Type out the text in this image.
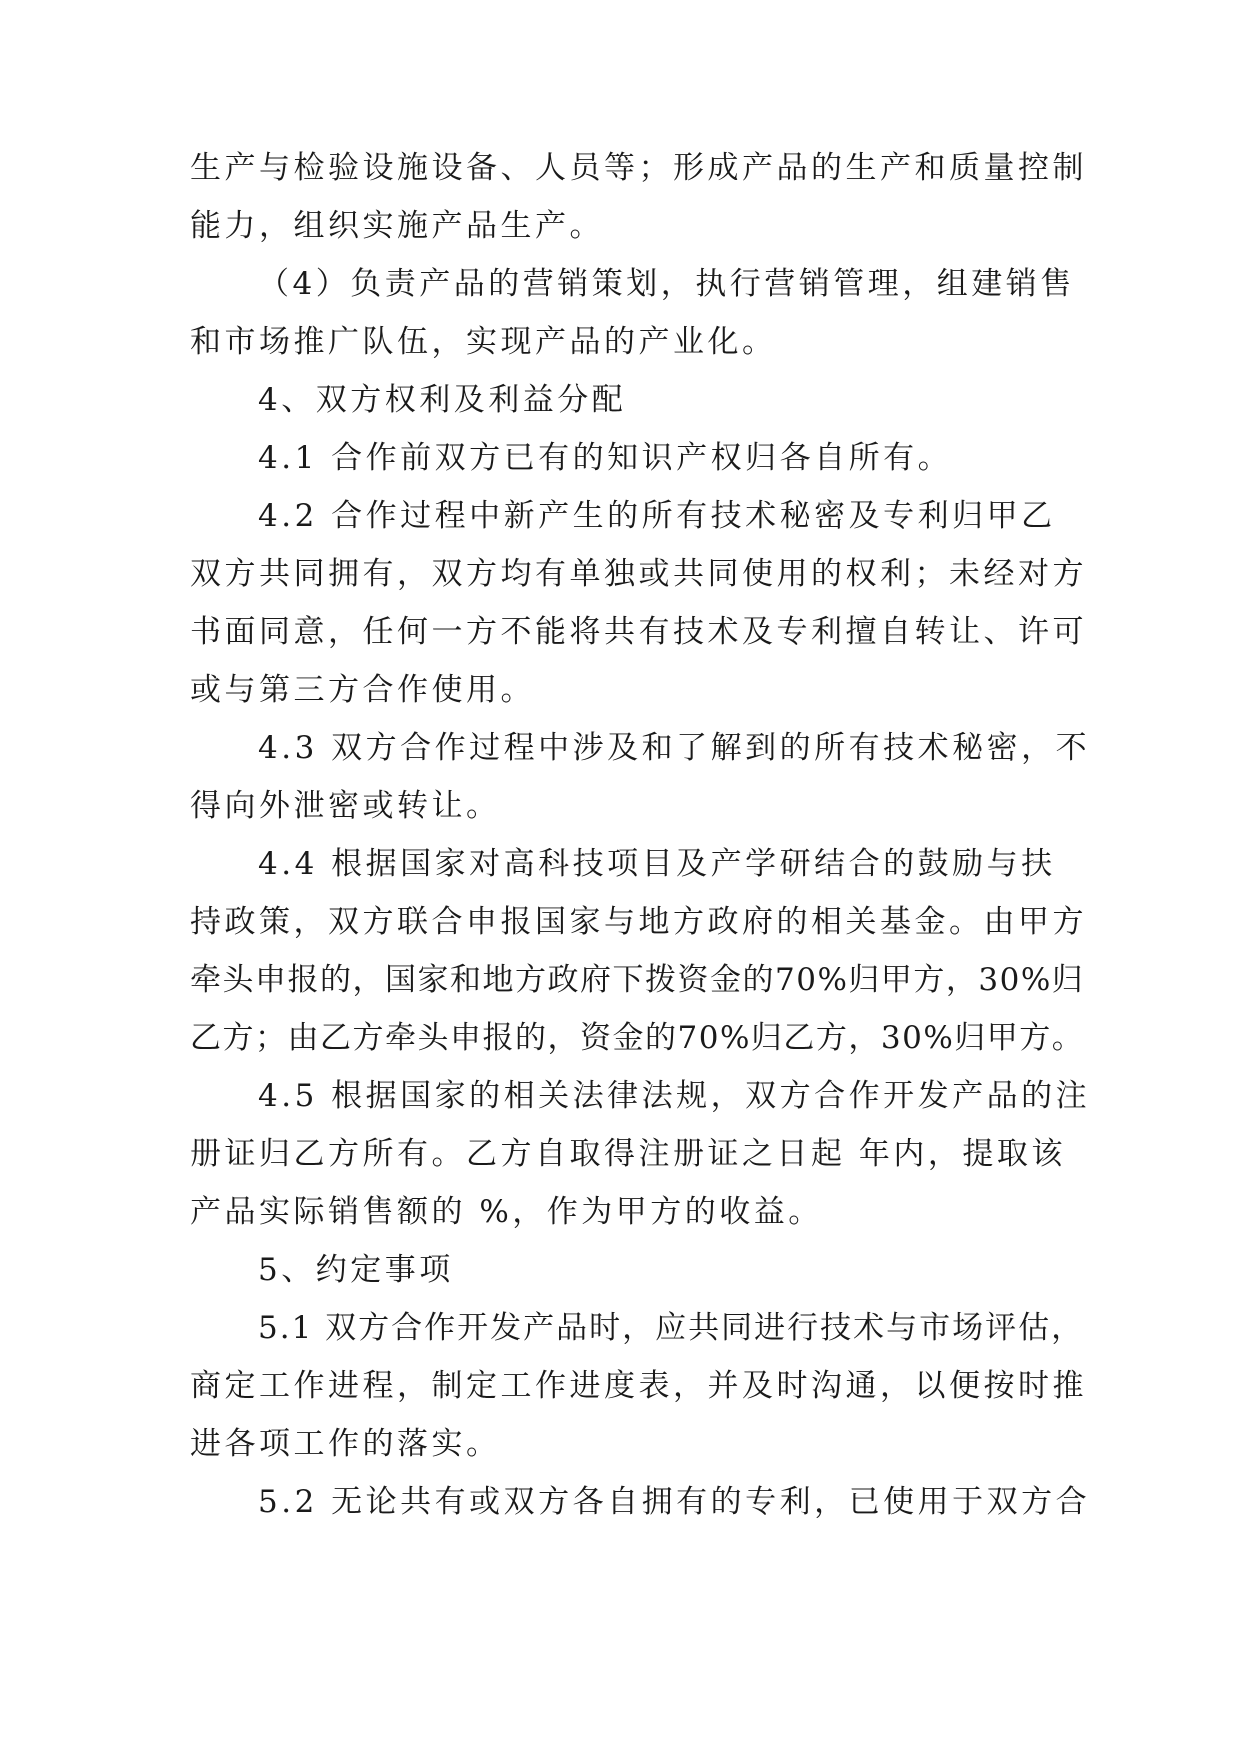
生产与检验设施设备、人员等；形成产品的生产和质量控制
能力，组织实施产品生产。
（4）负责产品的营销策划，执行营销管理，组建销售
和市场推广队伍，实现产品的产业化。
4、双方权利及利益分配
4.1 合作前双方已有的知识产权归各自所有。
4.2 合作过程中新产生的所有技术秘密及专利归甲乙
双方共同拥有，双方均有单独或共同使用的权利；未经对方
书面同意，任何一方不能将共有技术及专利擅自转让、许可
或与第三方合作使用。
4.3 双方合作过程中涉及和了解到的所有技术秘密，不
得向外泄密或转让。
4.4 根据国家对高科技项目及产学研结合的鼓励与扶
持政策，双方联合申报国家与地方政府的相关基金。由甲方
牵头申报的，国家和地方政府下拨资金的70%归甲方，30%归
乙方；由乙方牵头申报的，资金的70%归乙方，30%归甲方。
4.5 根据国家的相关法律法规，双方合作开发产品的注
册证归乙方所有。乙方自取得注册证之日起 年内，提取该
产品实际销售额的 %，作为甲方的收益。
5、约定事项
5.1 双方合作开发产品时，应共同进行技术与市场评估，
商定工作进程，制定工作进度表，并及时沟通，以便按时推
进各项工作的落实。
5.2 无论共有或双方各自拥有的专利，已使用于双方合
